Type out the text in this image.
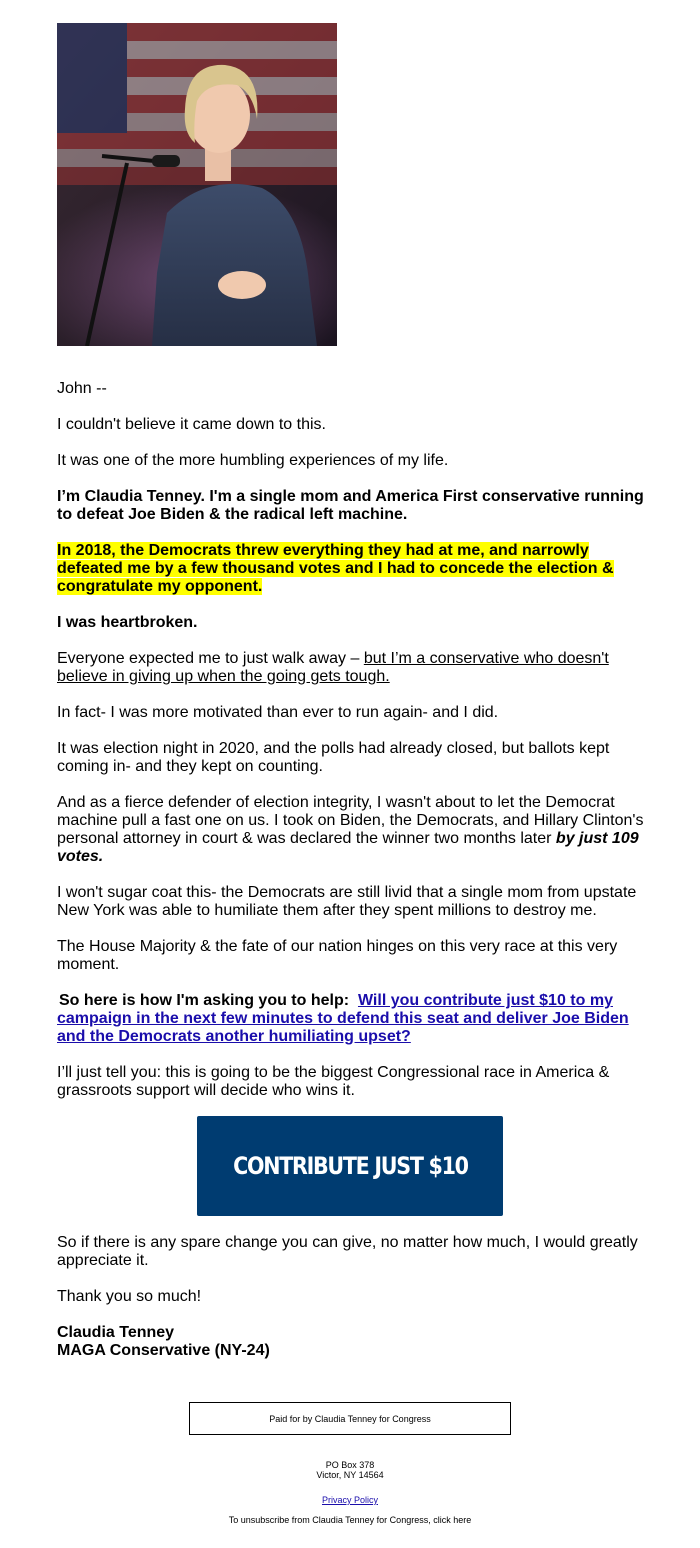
John --

I couldn't believe it came down to this.

It was one of the more humbling experiences of my life.

I’m Claudia Tenney. I'm a single mom and America First conservative running to defeat Joe Biden & the radical left machine.

In 2018, the Democrats threw everything they had at me, and narrowly defeated me by a few thousand votes and I had to concede the election & congratulate my opponent.

I was heartbroken.

Everyone expected me to just walk away – but I’m a conservative who doesn't believe in giving up when the going gets tough.

In fact- I was more motivated than ever to run again- and I did.

It was election night in 2020, and the polls had already closed, but ballots kept coming in- and they kept on counting.

And as a fierce defender of election integrity, I wasn't about to let the Democrat machine pull a fast one on us. I took on Biden, the Democrats, and Hillary Clinton's personal attorney in court & was declared the winner two months later by just 109 votes.

I won't sugar coat this- the Democrats are still livid that a single mom from upstate New York was able to humiliate them after they spent millions to destroy me.

The House Majority & the fate of our nation hinges on this very race at this very moment.

So here is how I'm asking you to help: Will you contribute just $10 to my campaign in the next few minutes to defend this seat and deliver Joe Biden and the Democrats another humiliating upset?

I’ll just tell you: this is going to be the biggest Congressional race in America & grassroots support will decide who wins it.

CONTRIBUTE JUST $10

So if there is any spare change you can give, no matter how much, I would greatly appreciate it.

Thank you so much!

Claudia Tenney

MAGA Conservative (NY-24)

Paid for by Claudia Tenney for Congress

PO Box 378

Victor, NY 14564

Privacy Policy

To unsubscribe from Claudia Tenney for Congress, click here
